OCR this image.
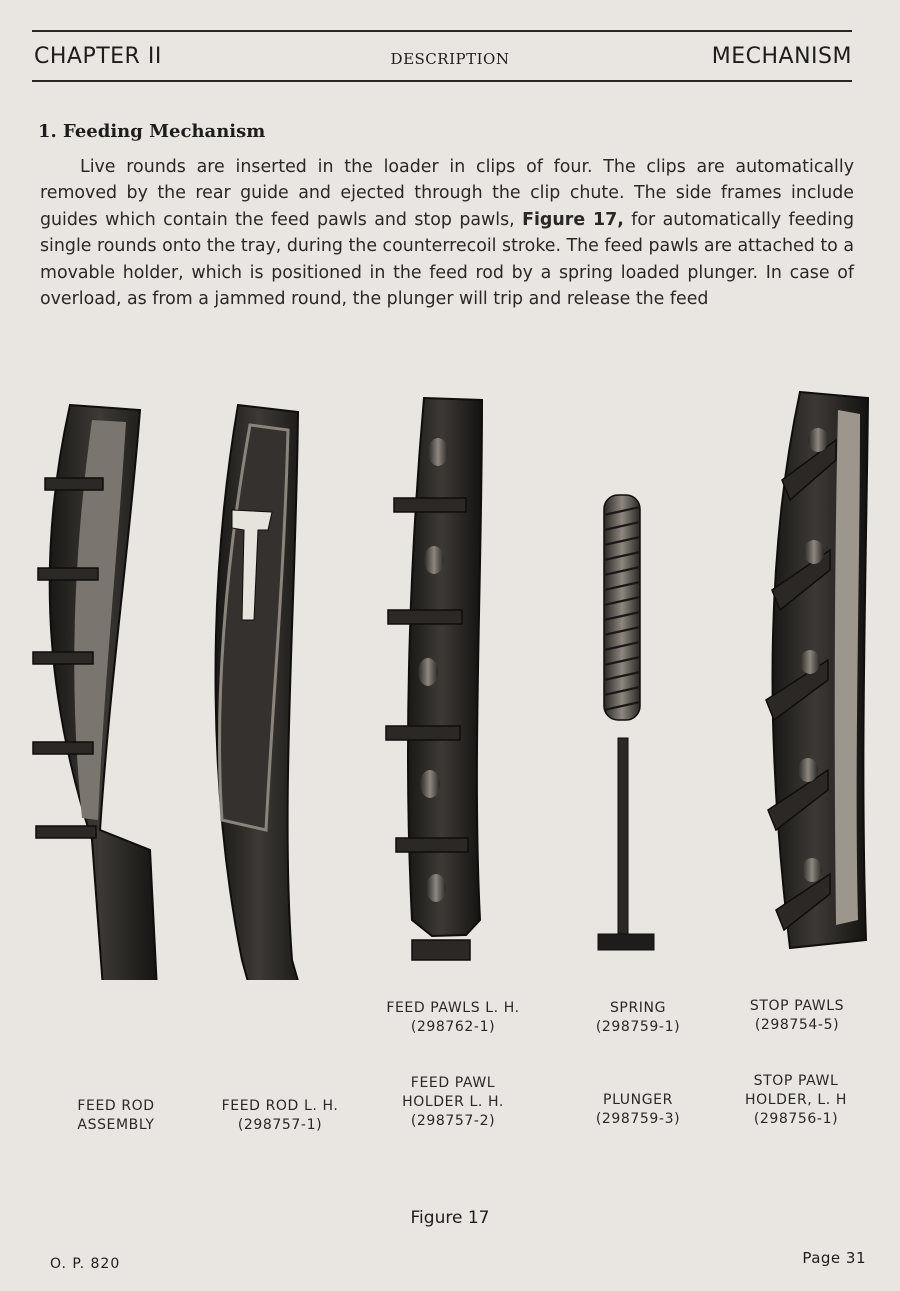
CHAPTER II	DESCRIPTION	MECHANISM
1. Feeding Mechanism

Live rounds are inserted in the loader in clips of four. The clips are automatically removed by the rear guide and ejected through the clip chute. The side frames include guides which contain the feed pawls and stop pawls, Figure 17, for automatically feeding single rounds onto the tray, during the counterrecoil stroke. The feed pawls are attached to a movable holder, which is positioned in the feed rod by a spring loaded plunger. In case of overload, as from a jammed round, the plunger will trip and release the feed

FEED PAWLS L. H.
(298762-1)
SPRING
(298759-1)
STOP PAWLS
(298754-5)
FEED ROD
ASSEMBLY
FEED ROD L. H.
(298757-1)
FEED PAWL
HOLDER L. H.
(298757-2)
PLUNGER
(298759-3)
STOP PAWL
HOLDER, L. H
(298756-1)
Figure 17
O. P. 820	Page 31
